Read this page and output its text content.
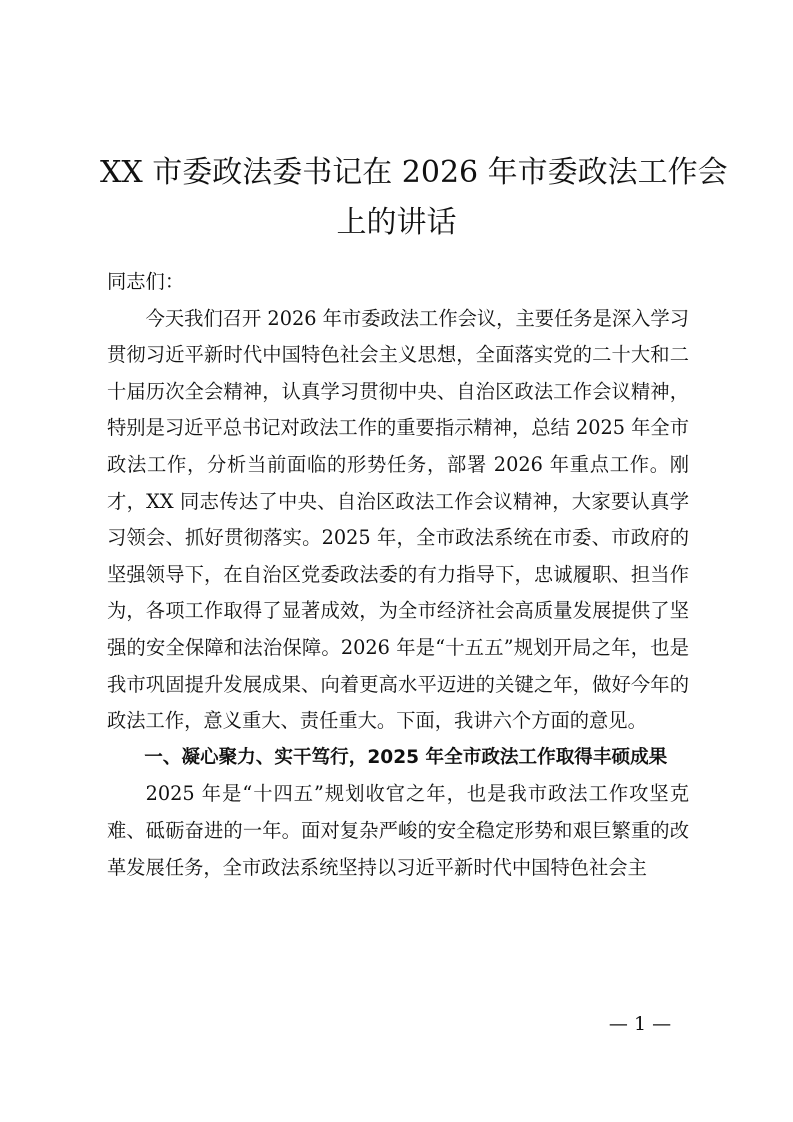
XX 市委政法委书记在 2026 年市委政法工作会
上的讲话

同志们：

今天我们召开 2026 年市委政法工作会议，主要任务是深入学习贯彻习近平新时代中国特色社会主义思想，全面落实党的二十大和二十届历次全会精神，认真学习贯彻中央、自治区政法工作会议精神，特别是习近平总书记对政法工作的重要指示精神，总结 2025 年全市政法工作，分析当前面临的形势任务，部署 2026 年重点工作。刚才，XX 同志传达了中央、自治区政法工作会议精神，大家要认真学习领会、抓好贯彻落实。2025 年，全市政法系统在市委、市政府的坚强领导下，在自治区党委政法委的有力指导下，忠诚履职、担当作为，各项工作取得了显著成效，为全市经济社会高质量发展提供了坚强的安全保障和法治保障。2026 年是“十五五”规划开局之年，也是我市巩固提升发展成果、向着更高水平迈进的关键之年，做好今年的政法工作，意义重大、责任重大。下面，我讲六个方面的意见。

一、凝心聚力、实干笃行，2025 年全市政法工作取得丰硕成果

2025 年是“十四五”规划收官之年，也是我市政法工作攻坚克难、砥砺奋进的一年。面对复杂严峻的安全稳定形势和艰巨繁重的改革发展任务，全市政法系统坚持以习近平新时代中国特色社会主

— 1 —
